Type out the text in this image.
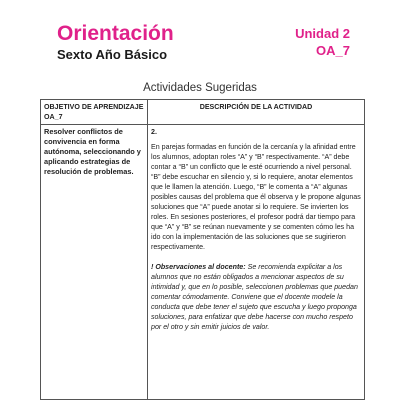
Orientación
Sexto Año Básico
Unidad 2
OA_7
Actividades Sugeridas
OBJETIVO DE APRENDIZAJE OA_7	DESCRIPCIÓN DE LA ACTIVIDAD

Resolver conflictos de convivencia en forma autónoma, seleccionando y aplicando estrategias de resolución de problemas.	2.
En parejas formadas en función de la cercanía y la afinidad entre los alumnos, adoptan roles “A” y “B” respectivamente. “A” debe contar a “B” un conflicto que le esté ocurriendo a nivel personal. “B” debe escuchar en silencio y, si lo requiere, anotar elementos que le llamen la atención. Luego, “B” le comenta a “A” algunas posibles causas del problema que él observa y le propone algunas soluciones que “A” puede anotar si lo requiere. Se invierten los roles. En sesiones posteriores, el profesor podrá dar tiempo para que “A” y “B” se reúnan nuevamente y se comenten cómo les ha ido con la implementación de las soluciones que se sugirieron respectivamente.
! Observaciones al docente: Se recomienda explicitar a los alumnos que no están obligados a mencionar aspectos de su intimidad y, que en lo posible, seleccionen problemas que puedan comentar cómodamente. Conviene que el docente modele la conducta que debe tener el sujeto que escucha y luego proponga soluciones, para enfatizar que debe hacerse con mucho respeto por el otro y sin emitir juicios de valor.
